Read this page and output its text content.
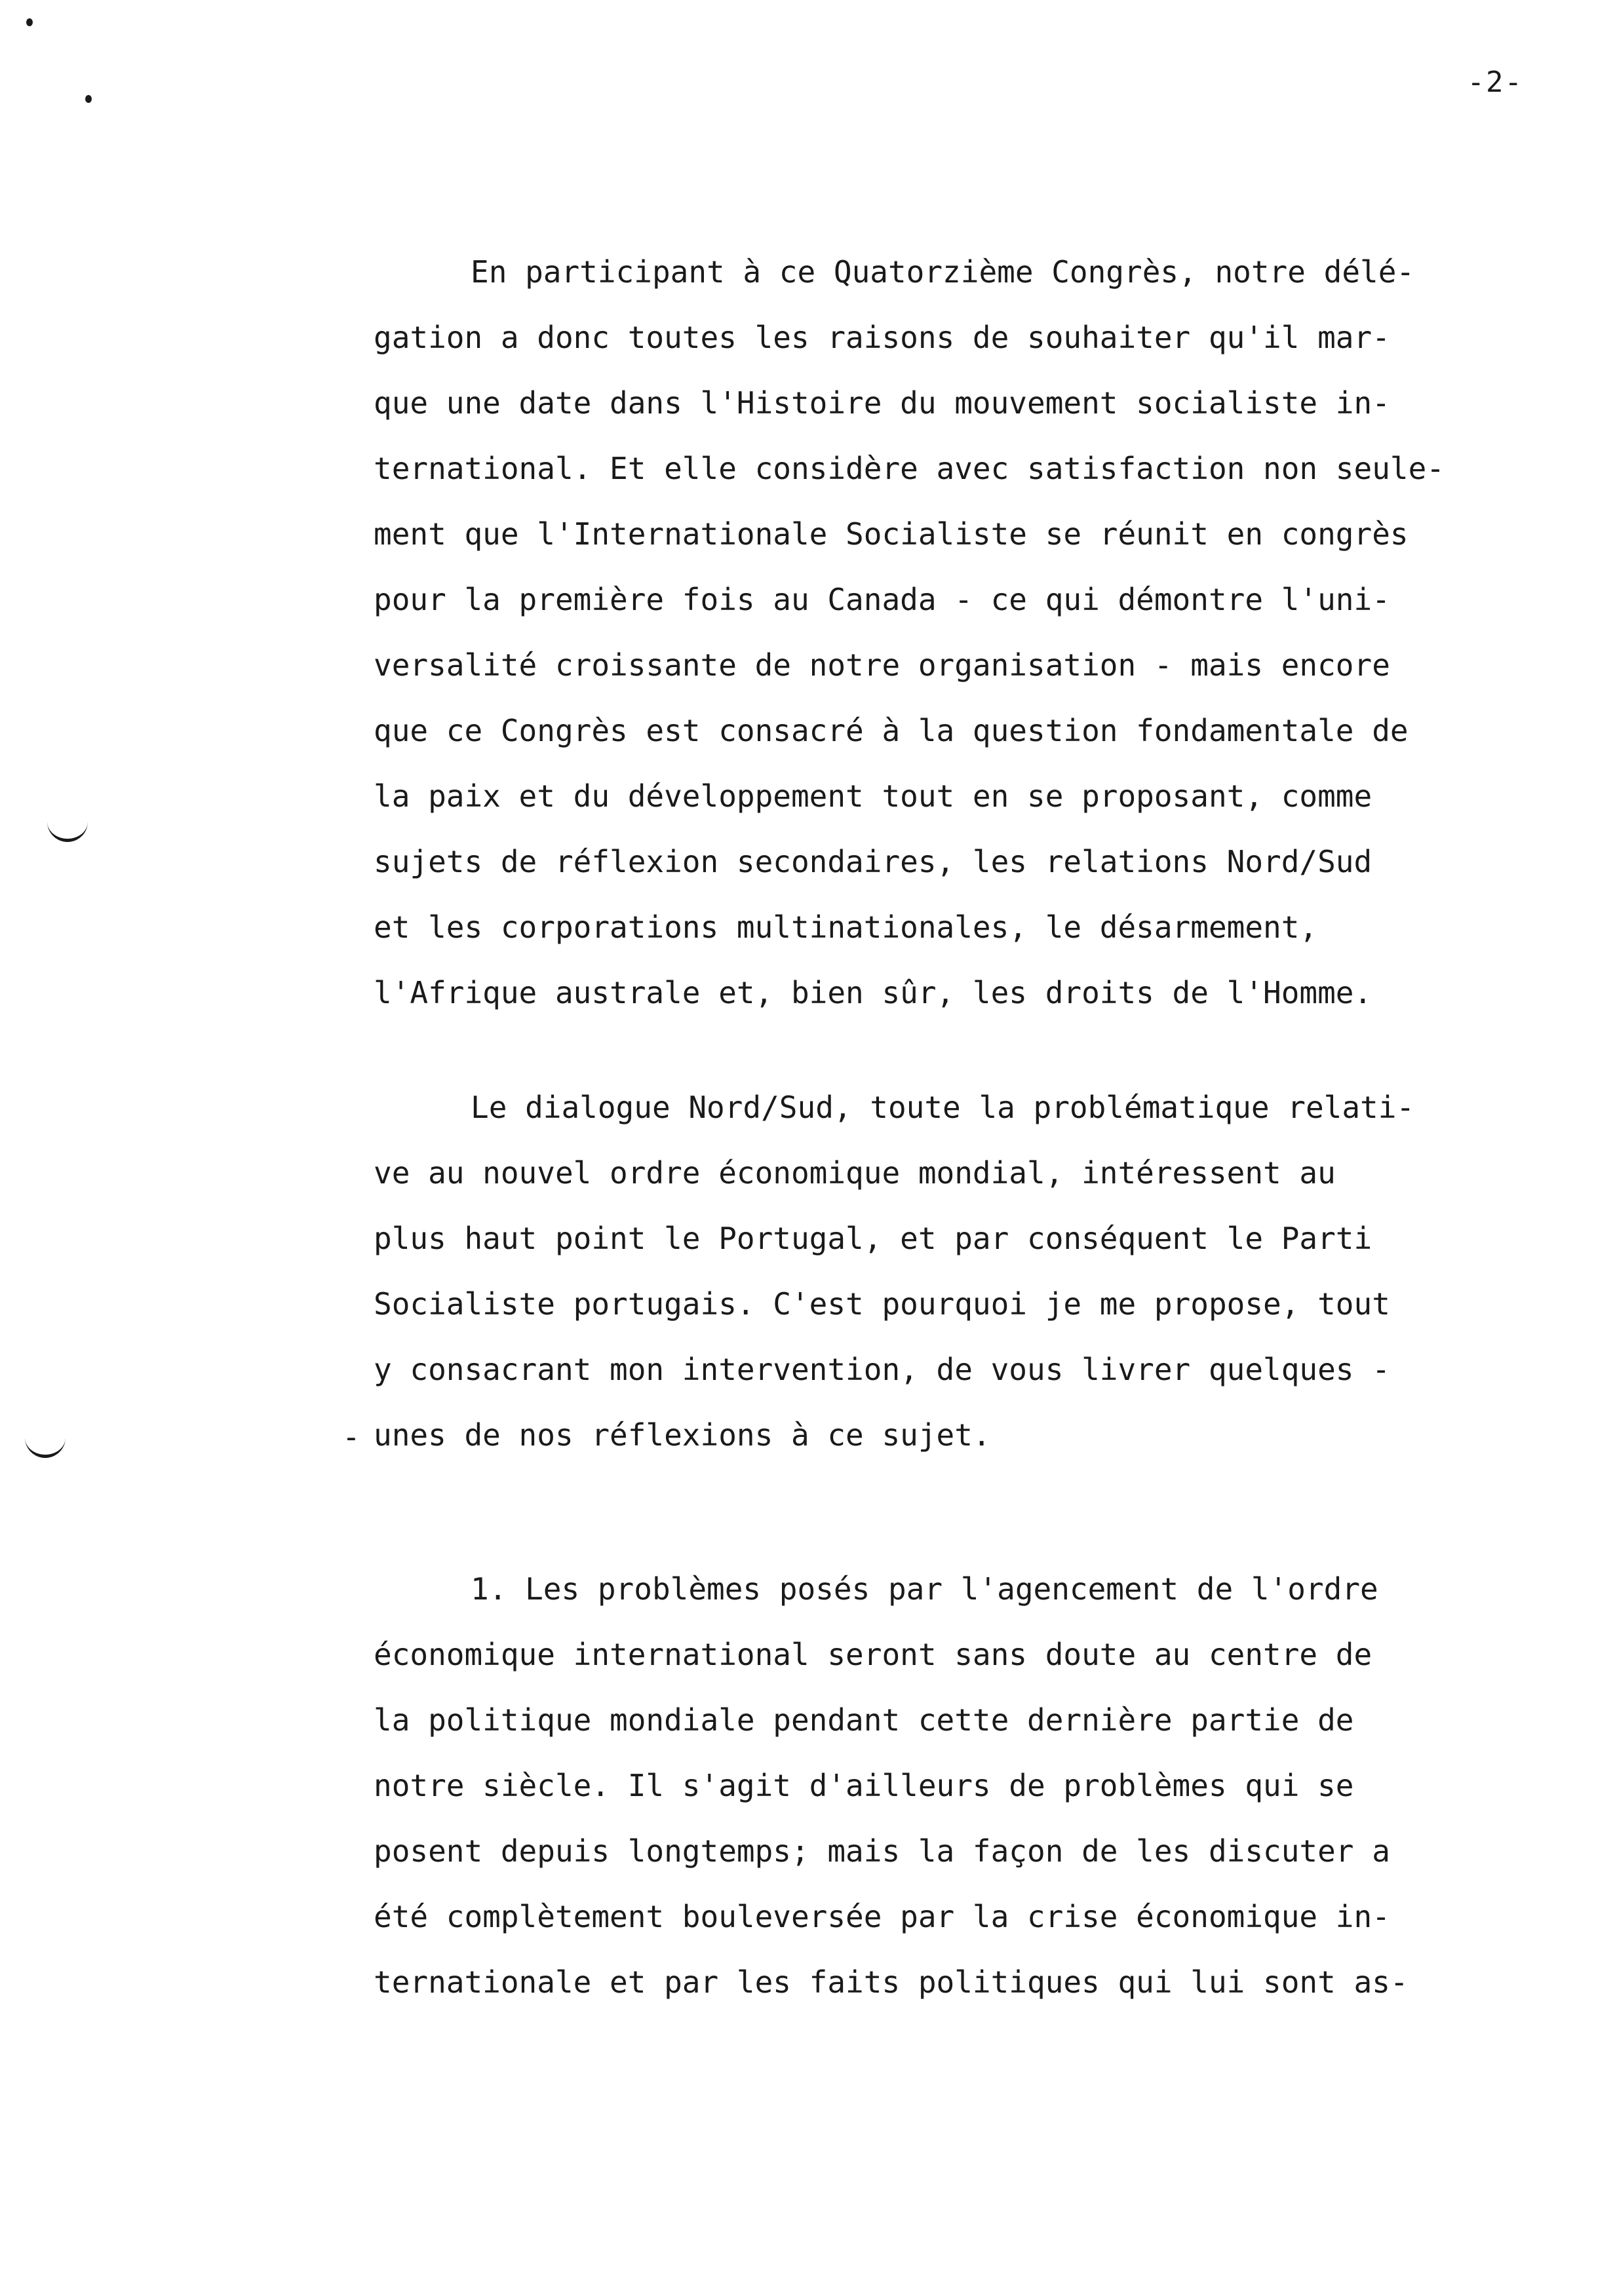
-2-
En participant à ce Quatorzième Congrès, notre délé-
gation a donc toutes les raisons de souhaiter qu'il mar-
que une date dans l'Histoire du mouvement socialiste in-
ternational. Et elle considère avec satisfaction non seule-
ment que l'Internationale Socialiste se réunit en congrès
pour la première fois au Canada - ce qui démontre l'uni-
versalité croissante de notre organisation - mais encore
que ce Congrès est consacré à la question fondamentale de
la paix et du développement tout en se proposant, comme
sujets de réflexion secondaires, les relations Nord/Sud
et les corporations multinationales, le désarmement,
l'Afrique australe et, bien sûr, les droits de l'Homme.
Le dialogue Nord/Sud, toute la problématique relati-
ve au nouvel ordre économique mondial, intéressent au
plus haut point le Portugal, et par conséquent le Parti
Socialiste portugais. C'est pourquoi je me propose, tout
y consacrant mon intervention, de vous livrer quelques -
unes de nos réflexions à ce sujet.
-
1. Les problèmes posés par l'agencement de l'ordre
économique international seront sans doute au centre de
la politique mondiale pendant cette dernière partie de
notre siècle. Il s'agit d'ailleurs de problèmes qui se
posent depuis longtemps; mais la façon de les discuter a
été complètement bouleversée par la crise économique in-
ternationale et par les faits politiques qui lui sont as-
